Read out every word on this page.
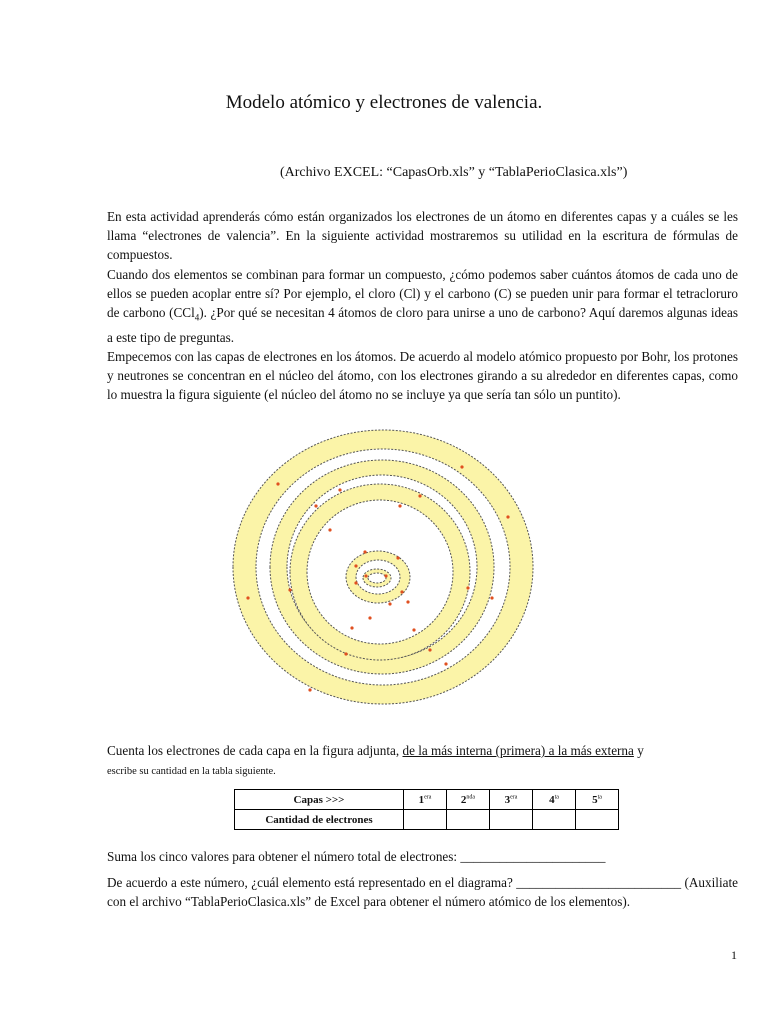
Modelo atómico y electrones de valencia.

(Archivo EXCEL: “CapasOrb.xls” y “TablaPerioClasica.xls”)

En esta actividad aprenderás cómo están organizados los electrones de un átomo en diferentes capas y a cuáles se les llama “electrones de valencia”. En la siguiente actividad mostraremos su utilidad en la escritura de fórmulas de compuestos.

Cuando dos elementos se combinan para formar un compuesto, ¿cómo podemos saber cuántos átomos de cada uno de ellos se pueden acoplar entre sí? Por ejemplo, el cloro (Cl) y el carbono (C) se pueden unir para formar el tetracloruro de carbono (CCl$_4$). ¿Por qué se necesitan 4 átomos de cloro para unirse a uno de carbono? Aquí daremos algunas ideas a este tipo de preguntas.

Empecemos con las capas de electrones en los átomos. De acuerdo al modelo atómico propuesto por Bohr, los protones y neutrones se concentran en el núcleo del átomo, con los electrones girando a su alrededor en diferentes capas, como lo muestra la figura siguiente (el núcleo del átomo no se incluye ya que sería tan sólo un puntito).

Cuenta los electrones de cada capa en la figura adjunta, de la más interna (primera) a la más externa y
escribe su cantidad en la tabla siguiente.

Capas >>>	$1^{era}$	$2^{nda}$	$3^{era}$	$4^{ta}$	$5^{ta}$
Cantidad de electrones					

Suma los cinco valores para obtener el número total de electrones: ______________________

De acuerdo a este número, ¿cuál elemento está representado en el diagrama? _________________________ (Auxiliate con el archivo “TablaPerioClasica.xls” de Excel para obtener el número atómico de los elementos).

1
